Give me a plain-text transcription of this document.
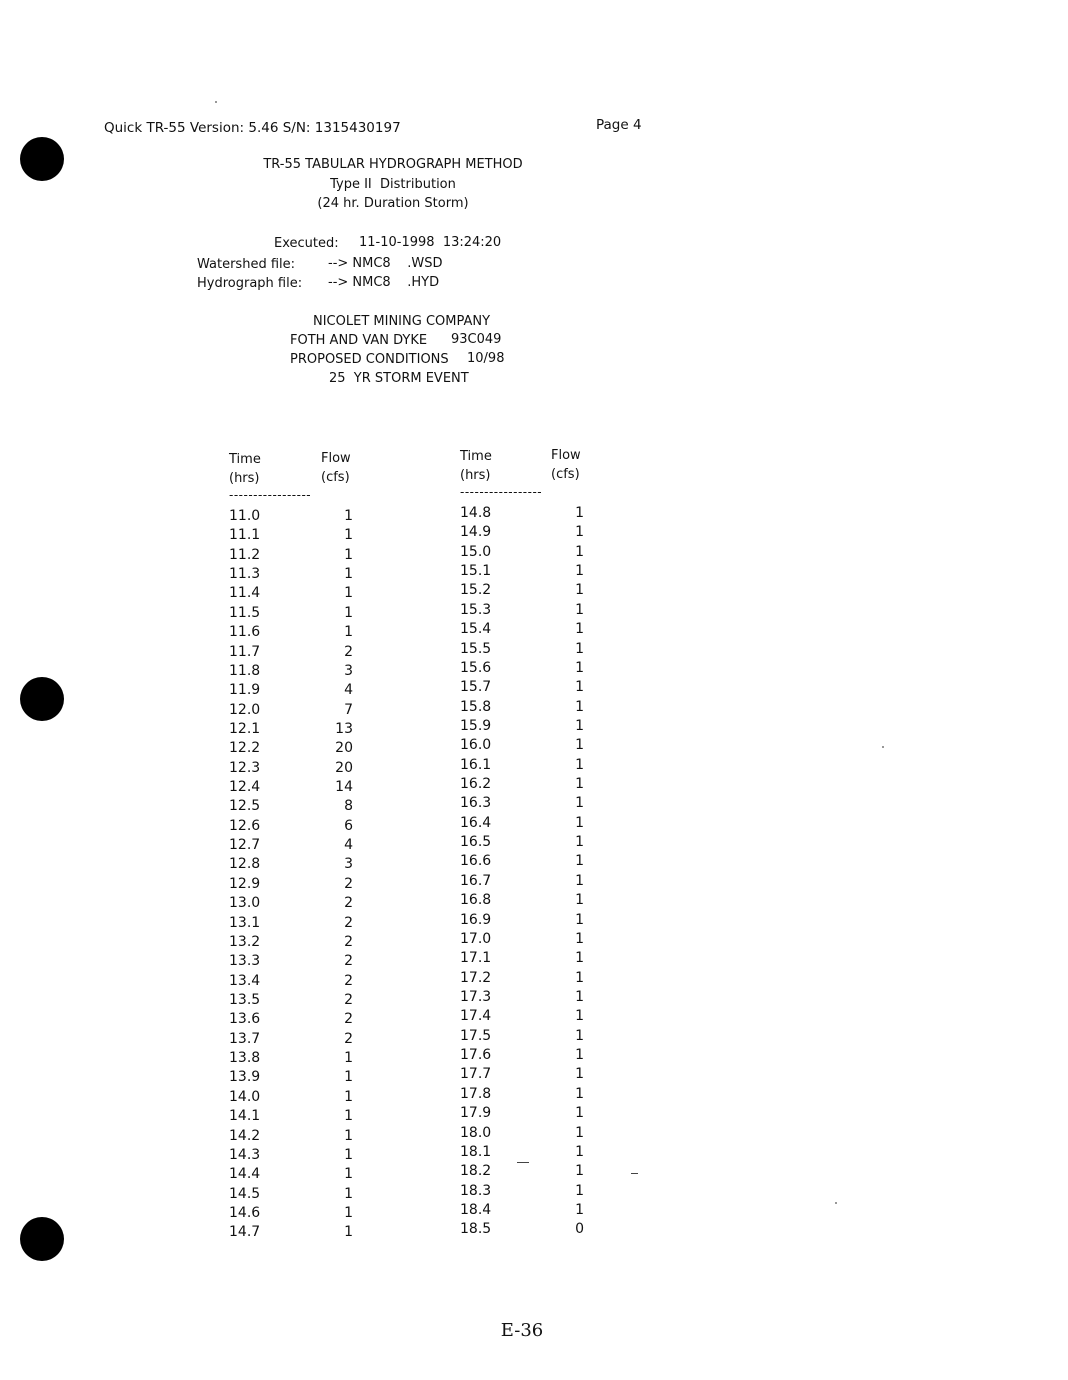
Quick TR-55 Version: 5.46 S/N: 1315430197	Page 4
TR-55 TABULAR HYDROGRAPH METHOD
Type II  Distribution
(24 hr. Duration Storm)
Executed: 11-10-1998  13:24:20
Watershed file:	--> NMC8    .WSD
Hydrograph file: --> NMC8    .HYD
NICOLET MINING COMPANY
FOTH AND VAN DYKE 93C049
PROPOSED CONDITIONS 10/98
25  YR STORM EVENT
Time
(hrs)
Flow
(cfs)
-----------------
Time
(hrs)
Flow
(cfs)
-----------------
11.0
11.1
11.2
11.3
11.4
11.5
11.6
11.7
11.8
11.9
12.0
12.1
12.2
12.3
12.4
12.5
12.6
12.7
12.8
12.9
13.0
13.1
13.2
13.3
13.4
13.5
13.6
13.7
13.8
13.9
14.0
14.1
14.2
14.3
14.4
14.5
14.6
14.7
1
1
1
1
1
1
1
2
3
4
7
13
20
20
14
8
6
4
3
2
2
2
2
2
2
2
2
2
1
1
1
1
1
1
1
1
1
1
14.8
14.9
15.0
15.1
15.2
15.3
15.4
15.5
15.6
15.7
15.8
15.9
16.0
16.1
16.2
16.3
16.4
16.5
16.6
16.7
16.8
16.9
17.0
17.1
17.2
17.3
17.4
17.5
17.6
17.7
17.8
17.9
18.0
18.1
18.2
18.3
18.4
18.5
1
1
1
1
1
1
1
1
1
1
1
1
1
1
1
1
1
1
1
1
1
1
1
1
1
1
1
1
1
1
1
1
1
1
1
1
1
0
E-36
